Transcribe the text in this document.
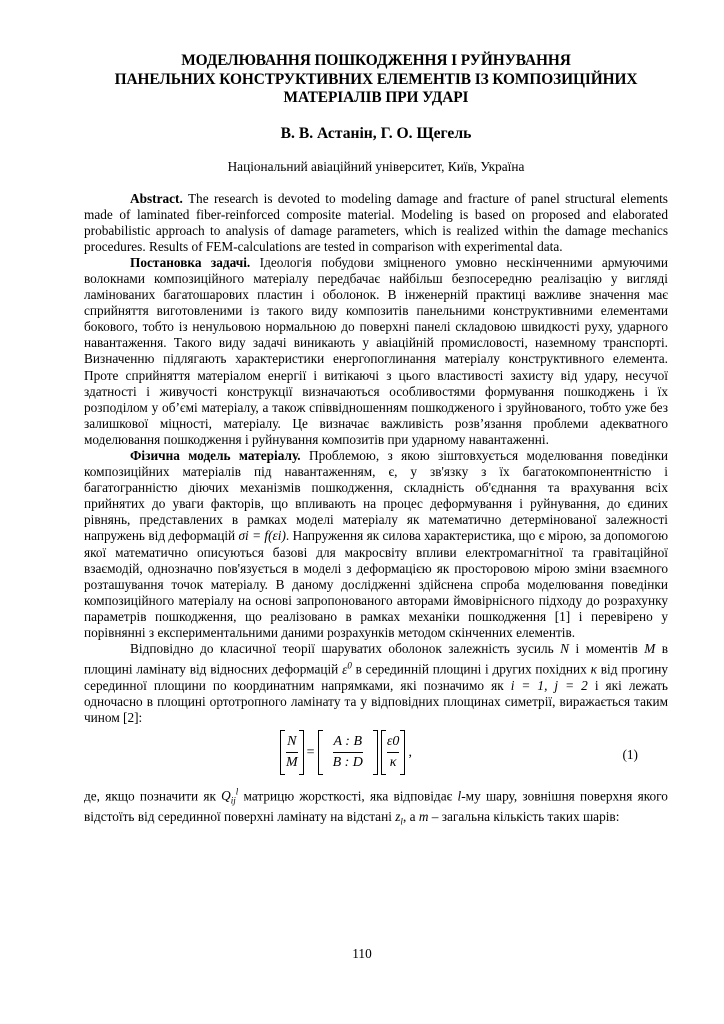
МОДЕЛЮВАННЯ ПОШКОДЖЕННЯ І РУЙНУВАННЯ
ПАНЕЛЬНИХ КОНСТРУКТИВНИХ ЕЛЕМЕНТІВ ІЗ КОМПОЗИЦІЙНИХ
МАТЕРІАЛІВ ПРИ УДАРІ
В. В. Астанін, Г. О. Щегель
Національний авіаційний університет, Київ, Україна

Abstract. The research is devoted to modeling damage and fracture of panel structural elements made of laminated fiber-reinforced composite material. Modeling is based on proposed and elaborated probabilistic approach to analysis of damage parameters, which is realized within the damage mechanics procedures. Results of FEM-calculations are tested in comparison with experimental data.

Постановка задачі. Ідеологія побудови зміцненого умовно нескінченними армуючими волокнами композиційного матеріалу передбачає найбільш безпосередню реалізацію у вигляді ламінованих багатошарових пластин і оболонок. В інженерній практиці важливе значення має сприйняття виготовленими із такого виду композитів панельними конструктивними елементами бокового, тобто із ненульовою нормальною до поверхні панелі складовою швидкості руху, ударного навантаження. Такого виду задачі виникають у авіаційній промисловості, наземному транспорті. Визначенню підлягають характеристики енергопоглинання матеріалу конструктивного елемента. Проте сприйняття матеріалом енергії і витікаючі з цього властивості захисту від удару, несучої здатності і живучості конструкції визначаються особливостями формування пошкоджень і їх розподілом у об’ємі матеріалу, а також співвідношенням пошкодженого і зруйнованого, тобто уже без залишкової міцності, матеріалу. Це визначає важливість розв’язання проблеми адекватного моделювання пошкодження і руйнування композитів при ударному навантаженні.

Фізична модель матеріалу. Проблемою, з якою зіштовхується моделювання поведінки композиційних матеріалів під навантаженням, є, у зв'язку з їх багатокомпонентністю і багатогранністю діючих механізмів пошкодження, складність об'єднання та врахування всіх прийнятих до уваги факторів, що впливають на процес деформування і руйнування, до єдиних рівнянь, представлених в рамках моделі матеріалу як математично детермінованої залежності напружень від деформацій σi = f(εi). Напруження як силова характеристика, що є мірою, за допомогою якої математично описуються базові для макросвіту впливи електромагнітної та гравітаційної взаємодій, однозначно пов'язується в моделі з деформацією як просторовою мірою зміни взаємного розташування точок матеріалу. В даному дослідженні здійснена спроба моделювання поведінки композиційного матеріалу на основі запропонованого авторами ймовірнісного підходу до розрахунку параметрів пошкодження, що реалізовано в рамках механіки пошкодження [1] і перевірено у порівнянні з експериментальними даними розрахунків методом скінченних елементів.

Відповідно до класичної теорії шаруватих оболонок залежність зусиль N і моментів M в площині ламінату від відносних деформацій $\varepsilon^0$ в серединній площині і других похідних κ від прогину серединної площини по координатним напрямками, які позначимо як i = 1, j = 2 і які лежать одночасно в площині ортотропного ламінату та у відповідних площинах симетрії, виражається таким чином [2]:

$\frac{N}{M} = \frac{A : B}{B : D} \frac{\varepsilon 0}{\kappa}$ ,	(1)

де, якщо позначити як $Q_{ij}^l$ матрицю жорсткості, яка відповідає l-му шару, зовнішня поверхня якого відстоїть від серединної поверхні ламінату на відстані $z_l$, а m – загальна кількість таких шарів:

110
